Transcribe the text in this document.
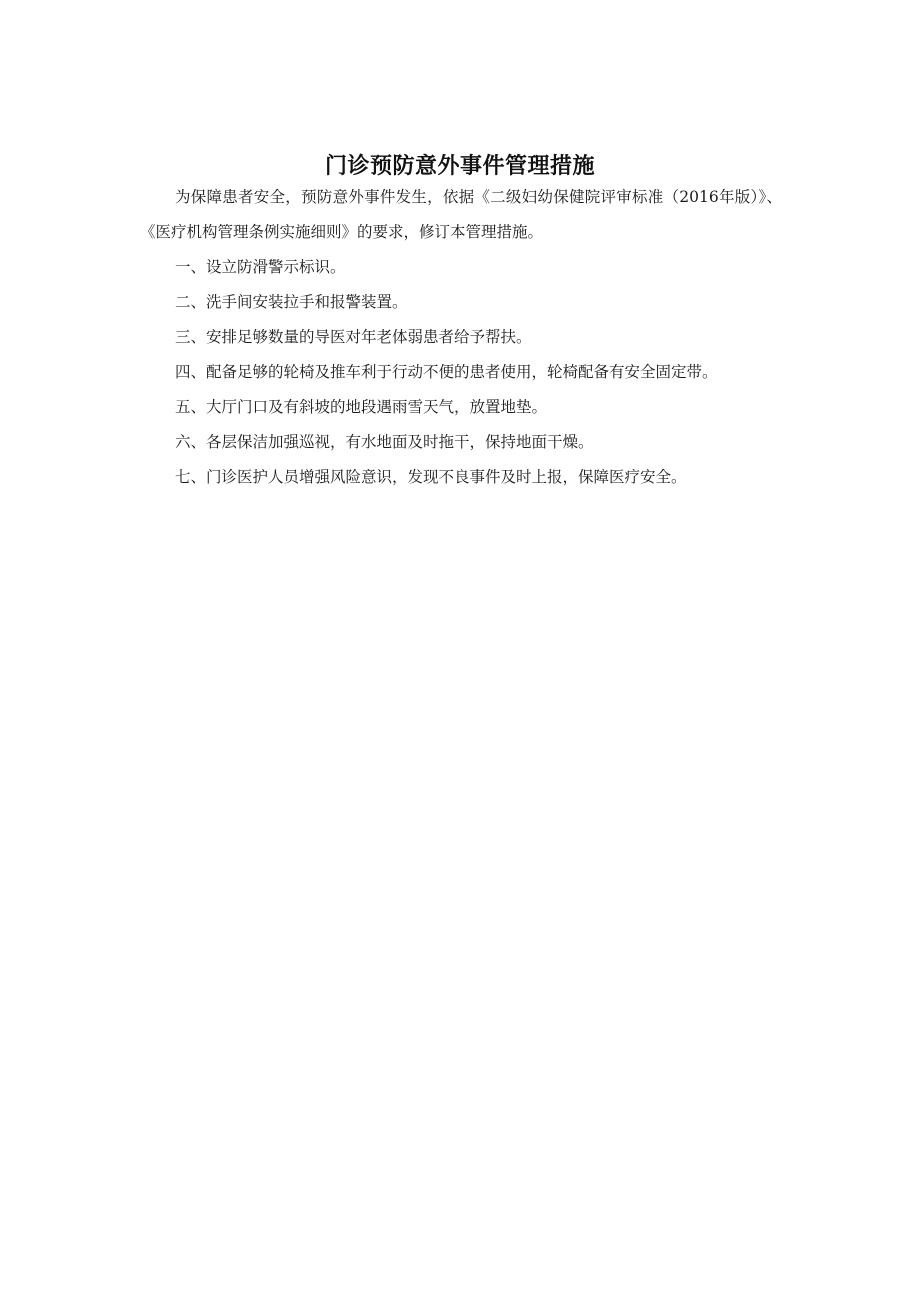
门诊预防意外事件管理措施

为保障患者安全，预防意外事件发生，依据《二级妇幼保健院评审标准（2016年版）》、《医疗机构管理条例实施细则》的要求，修订本管理措施。

一、设立防滑警示标识。
二、洗手间安装拉手和报警装置。
三、安排足够数量的导医对年老体弱患者给予帮扶。
四、配备足够的轮椅及推车利于行动不便的患者使用，轮椅配备有安全固定带。
五、大厅门口及有斜坡的地段遇雨雪天气，放置地垫。
六、各层保洁加强巡视，有水地面及时拖干，保持地面干燥。
七、门诊医护人员增强风险意识，发现不良事件及时上报，保障医疗安全。
